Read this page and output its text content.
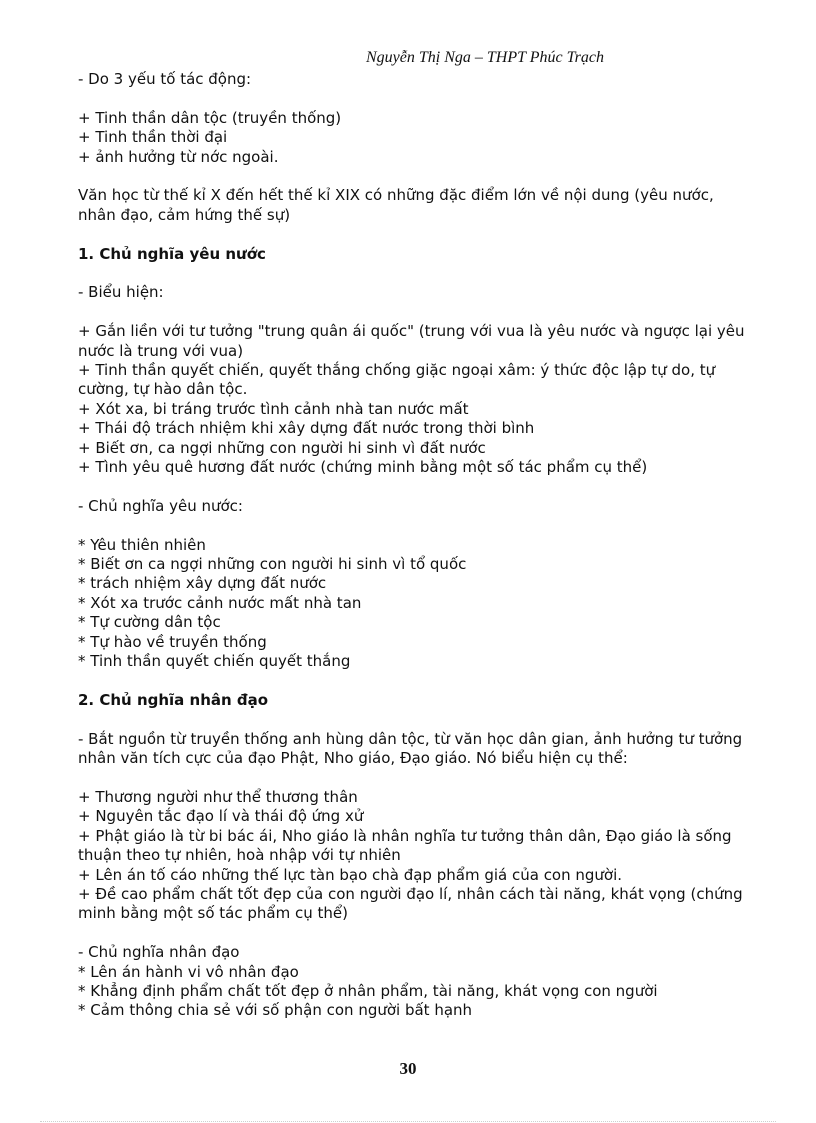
Nguyễn Thị Nga – THPT Phúc Trạch

- Do 3 yếu tố tác động:

+ Tinh thần dân tộc (truyền thống)

+ Tinh thần thời đại

+ ảnh hưởng từ nớc ngoài.

Văn học từ thế kỉ X đến hết thế kỉ XIX có những đặc điểm lớn về nội dung (yêu nước, nhân đạo, cảm hứng thế sự)

1. Chủ nghĩa yêu nước

- Biểu hiện:

+ Gắn liền với tư tưởng "trung quân ái quốc" (trung với vua là yêu nước và ngược lại yêu nước là trung với vua)

+ Tinh thần quyết chiến, quyết thắng chống giặc ngoại xâm: ý thức độc lập tự do, tự cường, tự hào dân tộc.

+ Xót xa, bi tráng trước tình cảnh nhà tan nước mất

+ Thái độ trách nhiệm khi xây dựng đất nước trong thời bình

+ Biết ơn, ca ngợi những con người hi sinh vì đất nước

+ Tình yêu quê hương đất nước (chứng minh bằng một số tác phẩm cụ thể)

- Chủ nghĩa yêu nước:

* Yêu thiên nhiên

* Biết ơn ca ngợi những con người hi sinh vì tổ quốc

* trách nhiệm xây dựng đất nước

* Xót xa trước cảnh nước mất nhà tan

* Tự cường dân tộc

* Tự hào về truyền thống

* Tinh thần quyết chiến quyết thắng

2. Chủ nghĩa nhân đạo

- Bắt nguồn từ truyền thống anh hùng dân tộc, từ văn học dân gian, ảnh hưởng tư tưởng nhân văn tích cực của đạo Phật, Nho giáo, Đạo giáo. Nó biểu hiện cụ thể:

+ Thương người như thể thương thân

+ Nguyên tắc đạo lí và thái độ ứng xử

+ Phật giáo là từ bi bác ái, Nho giáo là nhân nghĩa tư tưởng thân dân, Đạo giáo là sống thuận theo tự nhiên, hoà nhập với tự nhiên

+ Lên án tố cáo những thế lực tàn bạo chà đạp phẩm giá của con người.

+ Đề cao phẩm chất tốt đẹp của con người đạo lí, nhân cách tài năng, khát vọng (chứng minh bằng một số tác phẩm cụ thể)

- Chủ nghĩa nhân đạo

* Lên án hành vi vô nhân đạo

* Khẳng định phẩm chất tốt đẹp ở nhân phẩm, tài năng, khát vọng con người

* Cảm thông chia sẻ với số phận con người bất hạnh

30
